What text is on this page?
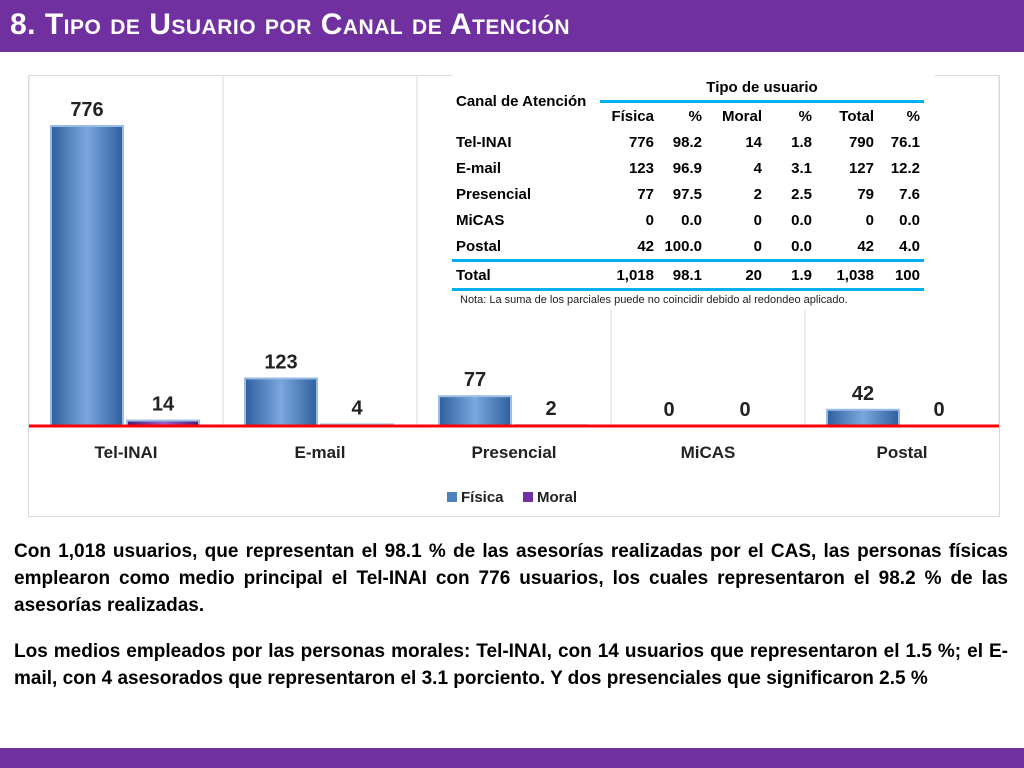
8. Tipo de Usuario por Canal de Atención
776
14
Tel-INAI
123
4
E-mail
77
2
Presencial
0	0
MiCAS
42
0
Postal
Física Moral
Canal de Atención	Tipo de usuario					
	Física	%	Moral	%	Total	%
Tel-INAI	776	98.2	14	1.8	790	76.1
E-mail	123	96.9	4	3.1	127	12.2
Presencial	77	97.5	2	2.5	79	7.6
MiCAS	0	0.0	0	0.0	0	0.0
Postal	42	100.0	0	0.0	42	4.0
Total	1,018	98.1	20	1.9	1,038	100
Nota: La suma de los parciales puede no coincidir debido al redondeo aplicado.

Con 1,018 usuarios, que representan el 98.1 % de las asesorías realizadas por el CAS, las personas físicas emplearon como medio principal el Tel-INAI con 776 usuarios, los cuales representaron el 98.2 % de las asesorías realizadas.

Los medios empleados por las personas morales: Tel-INAI, con 14 usuarios que representaron el 1.5 %; el E-mail, con 4 asesorados que representaron el 3.1 porciento. Y dos presenciales que significaron 2.5 %
